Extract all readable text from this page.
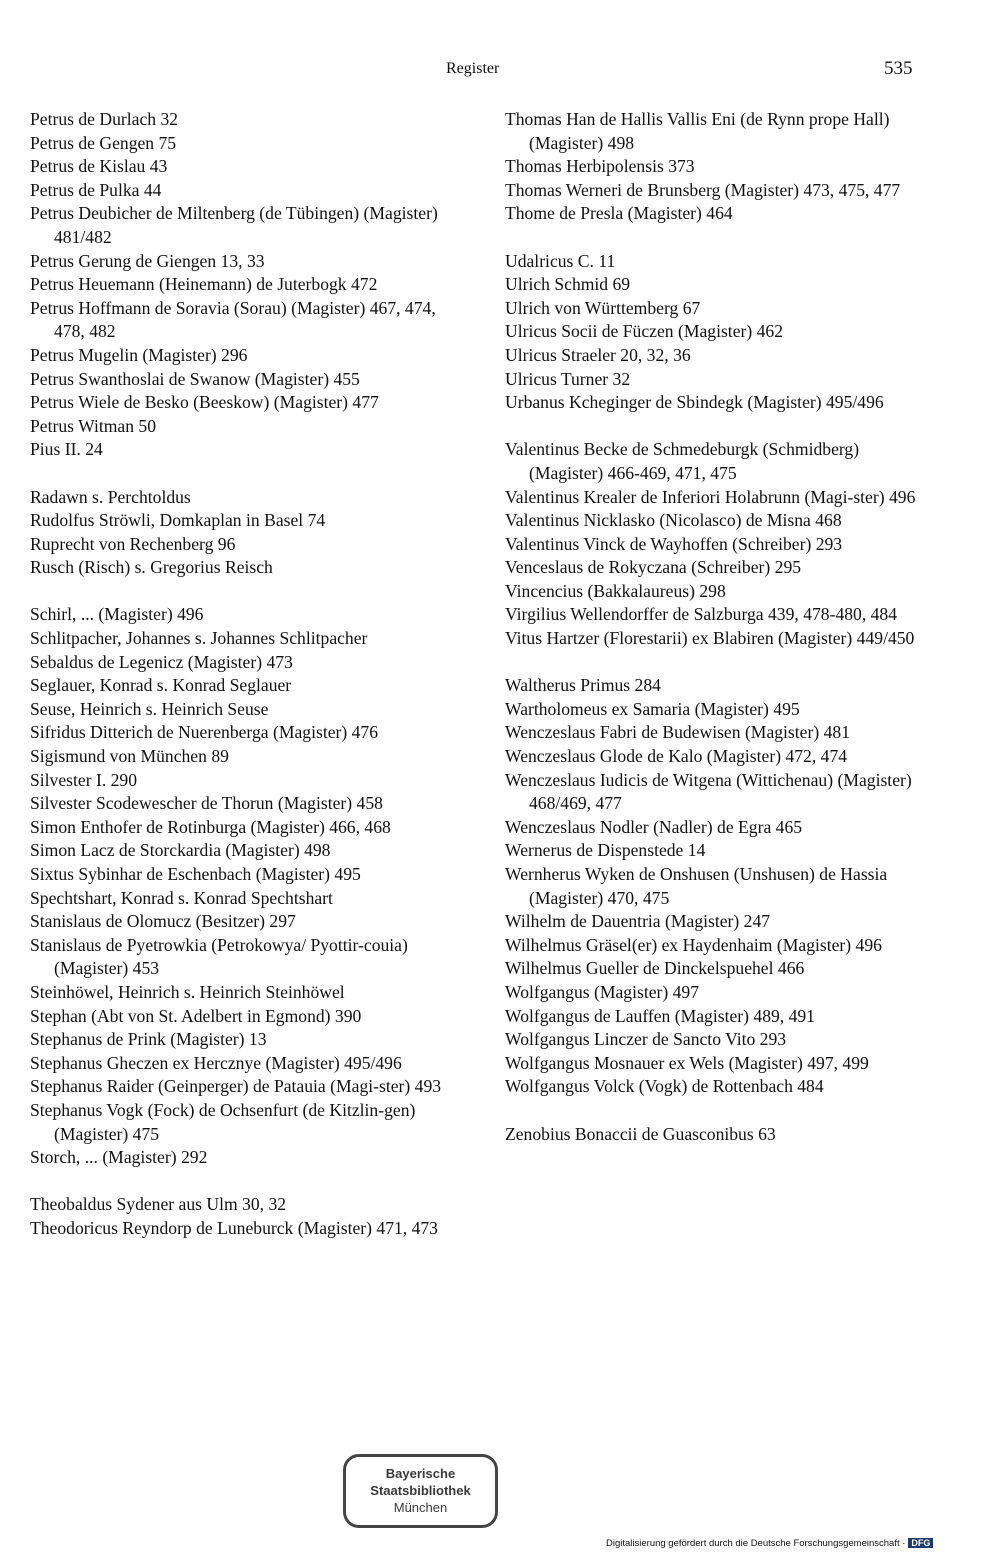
Register	535
Petrus de Durlach 32
Petrus de Gengen 75
Petrus de Kislau 43
Petrus de Pulka 44
Petrus Deubicher de Miltenberg (de Tübingen) (Magister) 481/482
Petrus Gerung de Giengen 13, 33
Petrus Heuemann (Heinemann) de Juterbogk 472
Petrus Hoffmann de Soravia (Sorau) (Magister) 467, 474, 478, 482
Petrus Mugelin (Magister) 296
Petrus Swanthoslai de Swanow (Magister) 455
Petrus Wiele de Besko (Beeskow) (Magister) 477
Petrus Witman 50
Pius II. 24
Radawn s. Perchtoldus
Rudolfus Ströwli, Domkaplan in Basel 74
Ruprecht von Rechenberg 96
Rusch (Risch) s. Gregorius Reisch
Schirl, ... (Magister) 496
Schlitpacher, Johannes s. Johannes Schlitpacher
Sebaldus de Legenicz (Magister) 473
Seglauer, Konrad s. Konrad Seglauer
Seuse, Heinrich s. Heinrich Seuse
Sifridus Ditterich de Nuerenberga (Magister) 476
Sigismund von München 89
Silvester I. 290
Silvester Scodewescher de Thorun (Magister) 458
Simon Enthofer de Rotinburga (Magister) 466, 468
Simon Lacz de Storckardia (Magister) 498
Sixtus Sybinhar de Eschenbach (Magister) 495
Spechtshart, Konrad s. Konrad Spechtshart
Stanislaus de Olomucz (Besitzer) 297
Stanislaus de Pyetrowkia (Petrokowya/ Pyottir-couia) (Magister) 453
Steinhöwel, Heinrich s. Heinrich Steinhöwel
Stephan (Abt von St. Adelbert in Egmond) 390
Stephanus de Prink (Magister) 13
Stephanus Gheczen ex Hercznye (Magister) 495/496
Stephanus Raider (Geinperger) de Patauia (Magi-ster) 493
Stephanus Vogk (Fock) de Ochsenfurt (de Kitzlin-gen) (Magister) 475
Storch, ... (Magister) 292
Theobaldus Sydener aus Ulm 30, 32
Theodoricus Reyndorp de Luneburck (Magister) 471, 473
Thomas Han de Hallis Vallis Eni (de Rynn prope Hall) (Magister) 498
Thomas Herbipolensis 373
Thomas Werneri de Brunsberg (Magister) 473, 475, 477
Thome de Presla (Magister) 464
Udalricus C. 11
Ulrich Schmid 69
Ulrich von Württemberg 67
Ulricus Socii de Füczen (Magister) 462
Ulricus Straeler 20, 32, 36
Ulricus Turner 32
Urbanus Kcheginger de Sbindegk (Magister) 495/496
Valentinus Becke de Schmedeburgk (Schmidberg) (Magister) 466-469, 471, 475
Valentinus Krealer de Inferiori Holabrunn (Magi-ster) 496
Valentinus Nicklasko (Nicolasco) de Misna 468
Valentinus Vinck de Wayhoffen (Schreiber) 293
Venceslaus de Rokyczana (Schreiber) 295
Vincencius (Bakkalaureus) 298
Virgilius Wellendorffer de Salzburga 439, 478-480, 484
Vitus Hartzer (Florestarii) ex Blabiren (Magister) 449/450
Waltherus Primus 284
Wartholomeus ex Samaria (Magister) 495
Wenczeslaus Fabri de Budewisen (Magister) 481
Wenczeslaus Glode de Kalo (Magister) 472, 474
Wenczeslaus Iudicis de Witgena (Wittichenau) (Magister) 468/469, 477
Wenczeslaus Nodler (Nadler) de Egra 465
Wernerus de Dispenstede 14
Wernherus Wyken de Onshusen (Unshusen) de Hassia (Magister) 470, 475
Wilhelm de Dauentria (Magister) 247
Wilhelmus Gräsel(er) ex Haydenhaim (Magister) 496
Wilhelmus Gueller de Dinckelspuehel 466
Wolfgangus (Magister) 497
Wolfgangus de Lauffen (Magister) 489, 491
Wolfgangus Linczer de Sancto Vito 293
Wolfgangus Mosnauer ex Wels (Magister) 497, 499
Wolfgangus Volck (Vogk) de Rottenbach 484
Zenobius Bonaccii de Guasconibus 63
Bayerische
Staatsbibliothek
München
Digitalisierung gefördert durch die Deutsche Forschungsgemeinschaft · DFG
